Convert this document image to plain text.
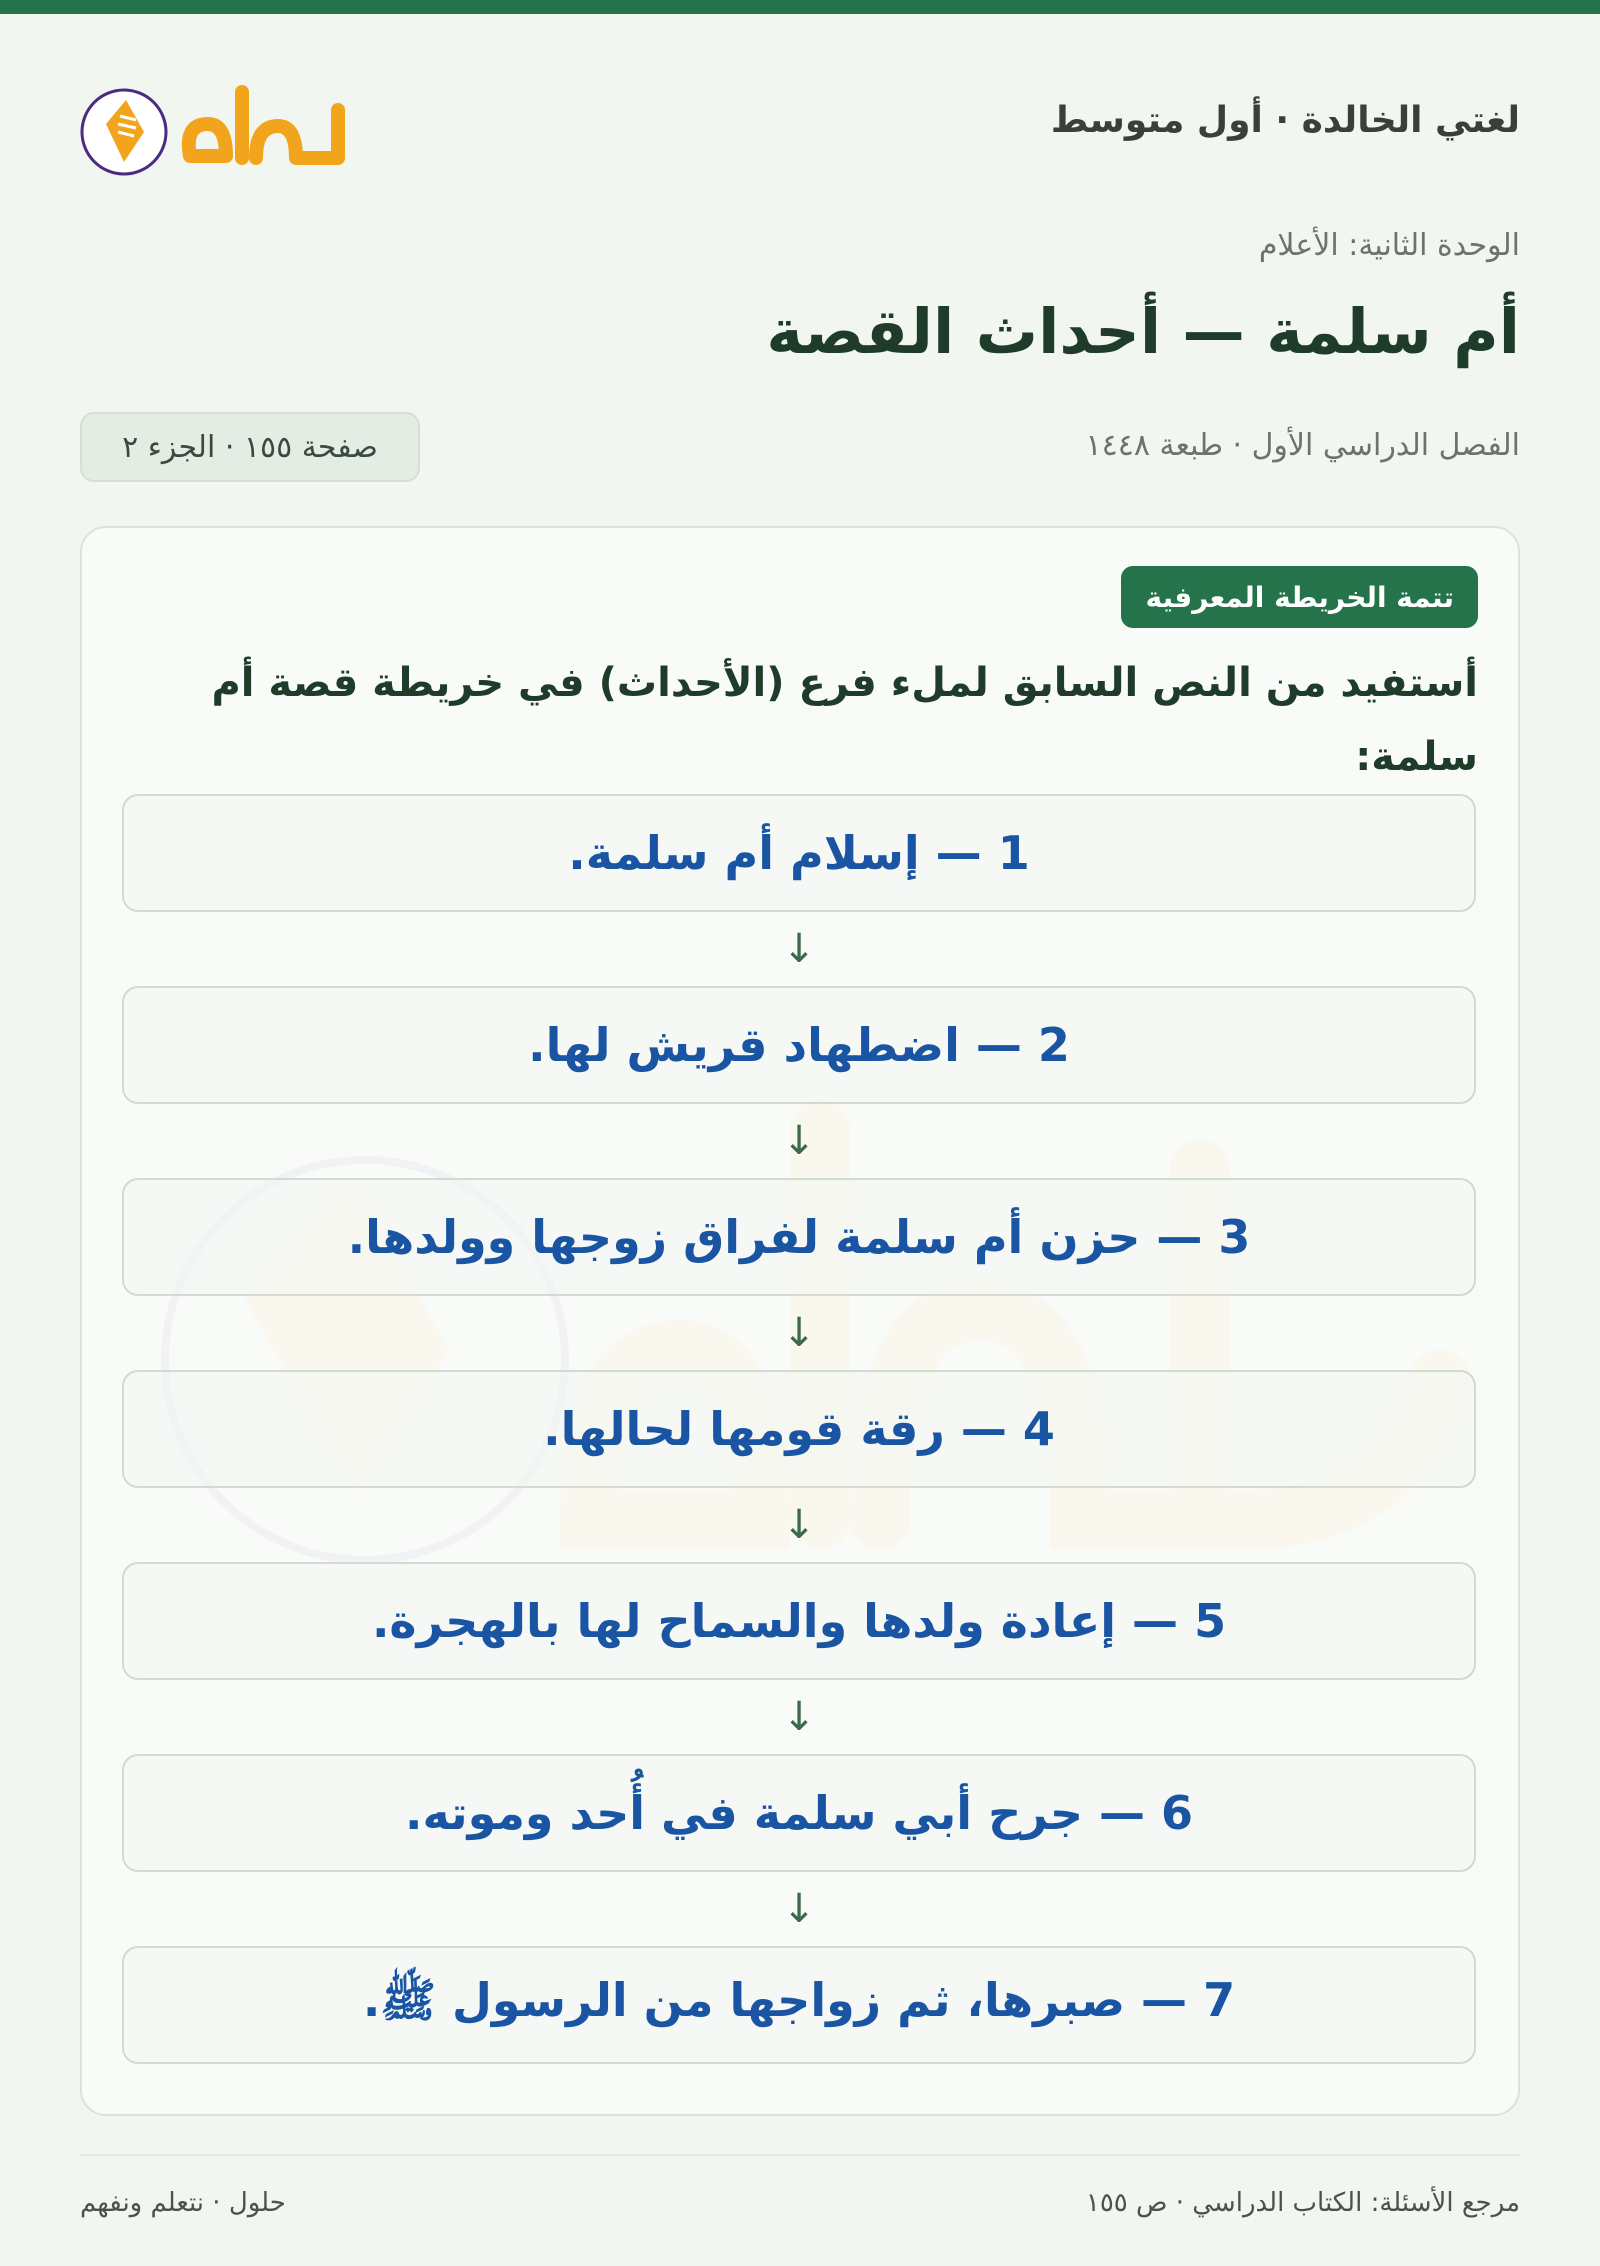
لغتي الخالدة · أول متوسط
الوحدة الثانية: الأعلام
أم سلمة — أحداث القصة
الفصل الدراسي الأول · طبعة ١٤٤٨
صفحة ١٥٥ · الجزء ٢
تتمة الخريطة المعرفية
أستفيد من النص السابق لملء فرع (الأحداث) في خريطة قصة أم سلمة:
1 — إسلام أم سلمة.
↓
2 — اضطهاد قريش لها.
↓
3 — حزن أم سلمة لفراق زوجها وولدها.
↓
4 — رقة قومها لحالها.
↓
5 — إعادة ولدها والسماح لها بالهجرة.
↓
6 — جرح أبي سلمة في أُحد وموته.
↓
7 — صبرها، ثم زواجها من الرسول ﷺ.
مرجع الأسئلة: الكتاب الدراسي · ص ١٥٥
حلول · نتعلم ونفهم
